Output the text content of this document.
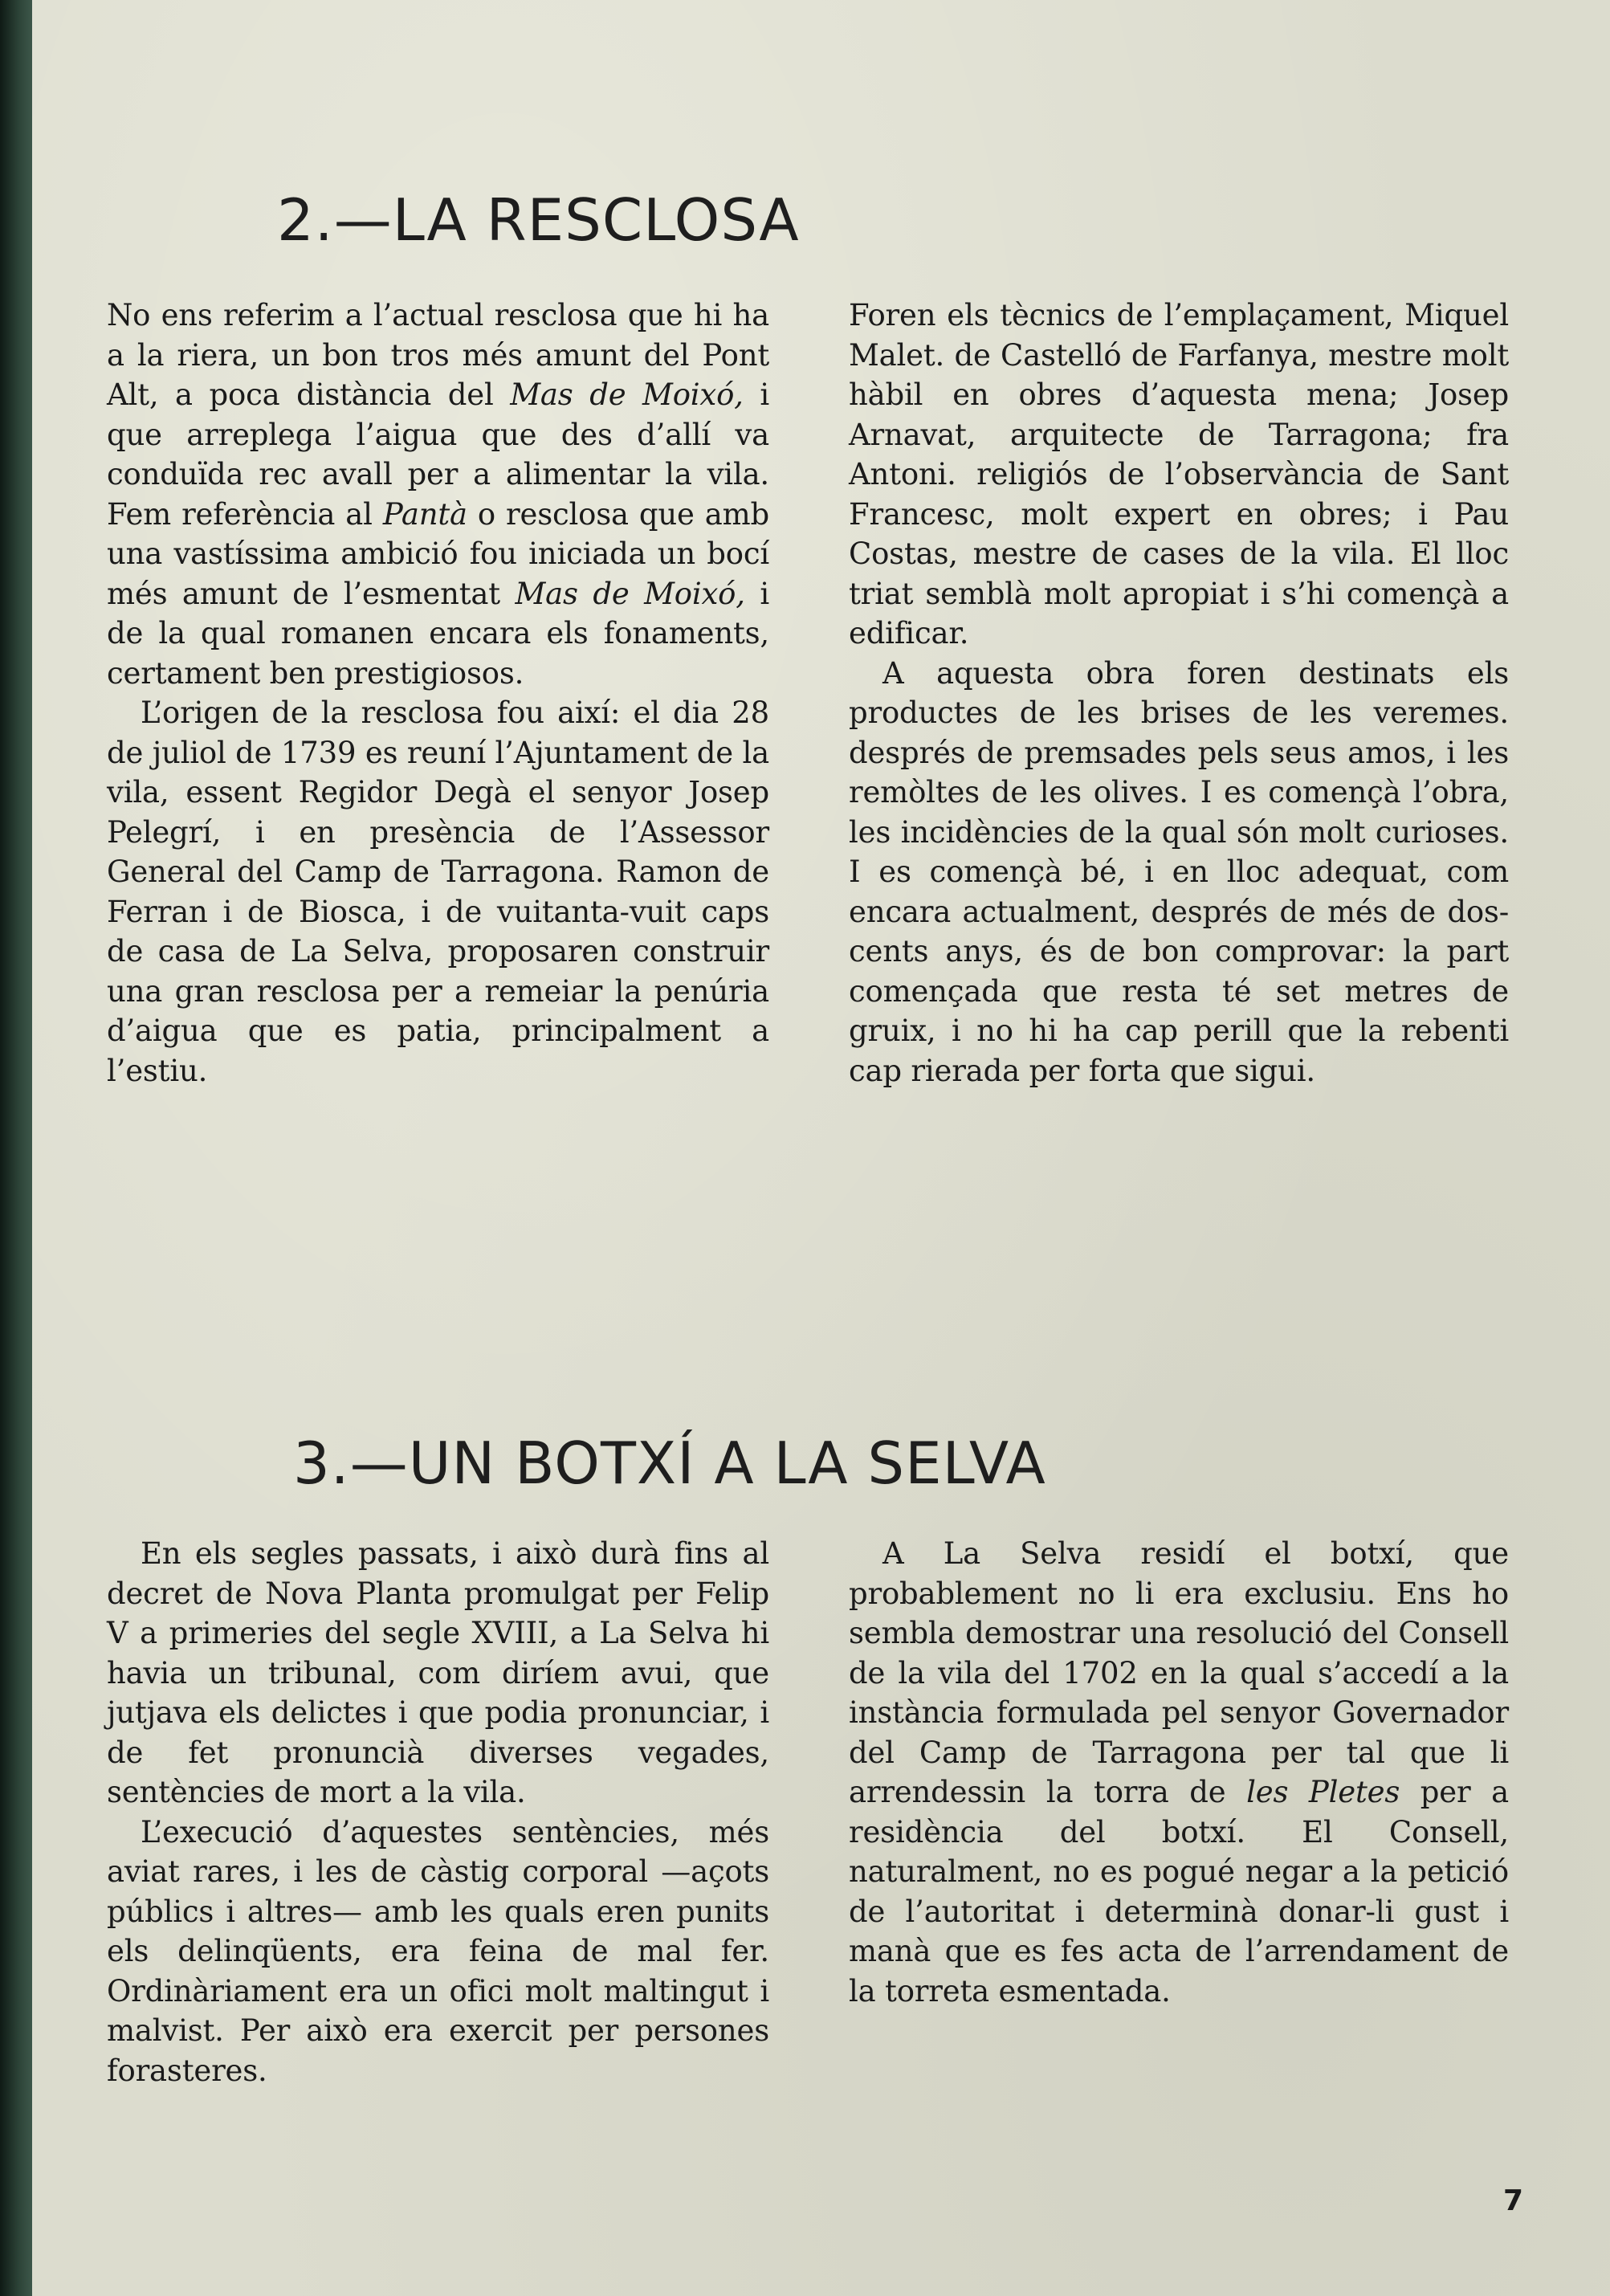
2.—LA RESCLOSA

No ens referim a l’actual resclosa que hi ha a la riera, un bon tros més amunt del Pont Alt, a poca distància del Mas de Moixó, i que arreplega l’aigua que des d’allí va conduïda rec avall per a alimentar la vila. Fem referència al Pantà o resclosa que amb una vastíssima ambició fou iniciada un bocí més amunt de l’esmentat Mas de Moixó, i de la qual romanen encara els fonaments, certament ben prestigiosos.

L’origen de la resclosa fou així: el dia 28 de juliol de 1739 es reuní l’Ajuntament de la vila, essent Regidor Degà el senyor Josep Pelegrí, i en presència de l’Assessor General del Camp de Tarragona. Ramon de Ferran i de Biosca, i de vuitanta-vuit caps de casa de La Selva, proposaren construir una gran resclosa per a remeiar la penúria d’aigua que es patia, principalment a l’estiu.

Foren els tècnics de l’emplaçament, Miquel Malet. de Castelló de Farfanya, mestre molt hàbil en obres d’aquesta mena; Josep Arnavat, arquitecte de Tarragona; fra Antoni. religiós de l’observància de Sant Francesc, molt expert en obres; i Pau Costas, mestre de cases de la vila. El lloc triat semblà molt apropiat i s’hi començà a edificar.

A aquesta obra foren destinats els productes de les brises de les veremes. després de premsades pels seus amos, i les remòltes de les olives. I es començà l’obra, les incidències de la qual són molt curioses. I es començà bé, i en lloc adequat, com encara actualment, després de més de dos-cents anys, és de bon comprovar: la part començada que resta té set metres de gruix, i no hi ha cap perill que la rebenti cap rierada per forta que sigui.

3.—UN BOTXÍ A LA SELVA

En els segles passats, i això durà fins al decret de Nova Planta promulgat per Felip V a primeries del segle XVIII, a La Selva hi havia un tribunal, com diríem avui, que jutjava els delictes i que podia pronunciar, i de fet pronuncià diverses vegades, sentències de mort a la vila.

L’execució d’aquestes sentències, més aviat rares, i les de càstig corporal —açots públics i altres— amb les quals eren punits els delinqüents, era feina de mal fer. Ordinàriament era un ofici molt maltingut i malvist. Per això era exercit per persones forasteres.

A La Selva residí el botxí, que probablement no li era exclusiu. Ens ho sembla demostrar una resolució del Consell de la vila del 1702 en la qual s’accedí a la instància formulada pel senyor Governador del Camp de Tarragona per tal que li arrendessin la torra de les Pletes per a residència del botxí. El Consell, naturalment, no es pogué negar a la petició de l’autoritat i determinà donar-li gust i manà que es fes acta de l’arrendament de la torreta esmentada.

7
